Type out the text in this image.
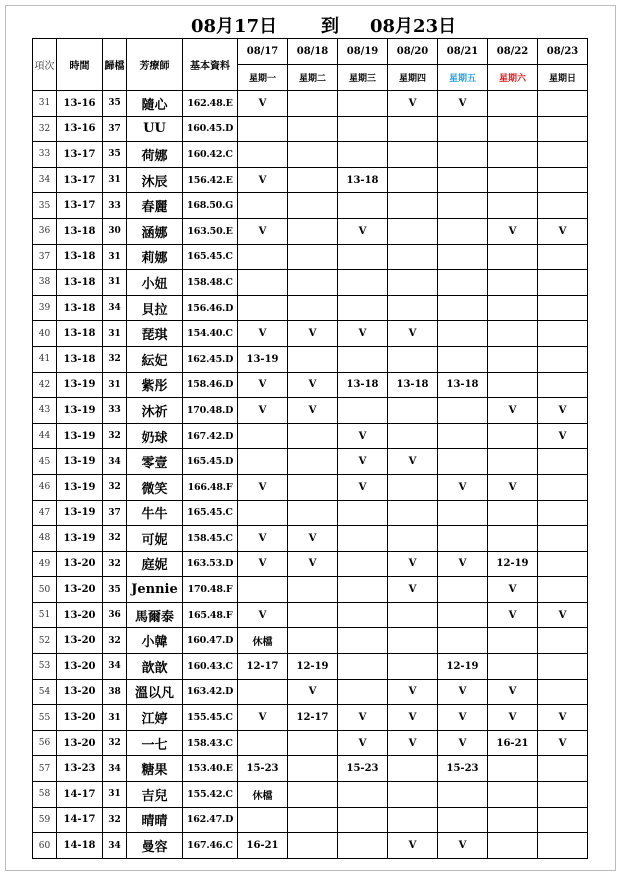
08月17日 到 08月23日
項次	時間	歸檔	芳療師	基本資料	08/17	08/18	08/19	08/20	08/21	08/22	08/23
					星期一	星期二	星期三	星期四	星期五	星期六	星期日
31	13-16	35	隨心	162.48.E	V			V	V		
32	13-16	37	UU	160.45.D							
33	13-17	35	荷娜	160.42.C							
34	13-17	31	沐辰	156.42.E	V		13-18				
35	13-17	33	春麗	168.50.G							
36	13-18	30	涵娜	163.50.E	V		V			V	V
37	13-18	31	莉娜	165.45.C							
38	13-18	31	小妞	158.48.C							
39	13-18	34	貝拉	156.46.D							
40	13-18	31	琵琪	154.40.C	V	V	V	V			
41	13-18	32	紜妃	162.45.D	13-19						
42	13-19	31	紫彤	158.46.D	V	V	13-18	13-18	13-18		
43	13-19	33	沐祈	170.48.D	V	V				V	V
44	13-19	32	奶球	167.42.D			V				V
45	13-19	34	零壹	165.45.D			V	V			
46	13-19	32	微笑	166.48.F	V		V		V	V	
47	13-19	37	牛牛	165.45.C							
48	13-19	32	可妮	158.45.C	V	V					
49	13-20	32	庭妮	163.53.D	V	V		V	V	12-19	
50	13-20	35	Jennie	170.48.F				V		V	
51	13-20	36	馬爾泰	165.48.F	V					V	V
52	13-20	32	小韓	160.47.D	休檔						
53	13-20	34	歆歆	160.43.C	12-17	12-19			12-19		
54	13-20	38	溫以凡	163.42.D		V		V	V	V	
55	13-20	31	江婷	155.45.C	V	12-17	V	V	V	V	V
56	13-20	32	一七	158.43.C			V	V	V	16-21	V
57	13-23	34	糖果	153.40.E	15-23		15-23		15-23		
58	14-17	31	吉兒	155.42.C	休檔						
59	14-17	32	晴晴	162.47.D							
60	14-18	34	曼容	167.46.C	16-21			V	V		
